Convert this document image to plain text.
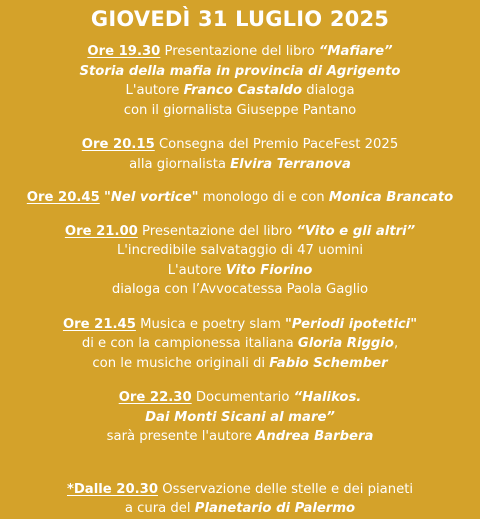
GIOVEDÌ 31 LUGLIO 2025
Ore 19.30 Presentazione del libro “Mafiare”
Storia della mafia in provincia di Agrigento
L'autore Franco Castaldo dialoga
con il giornalista Giuseppe Pantano
Ore 20.15 Consegna del Premio PaceFest 2025
alla giornalista Elvira Terranova
Ore 20.45 "Nel vortice" monologo di e con Monica Brancato
Ore 21.00 Presentazione del libro “Vito e gli altri”
L'incredibile salvataggio di 47 uomini
L'autore Vito Fiorino
dialoga con l’Avvocatessa Paola Gaglio
Ore 21.45 Musica e poetry slam "Periodi ipotetici"
di e con la campionessa italiana Gloria Riggio,
con le musiche originali di Fabio Schember
Ore 22.30 Documentario “Halikos.
Dai Monti Sicani al mare”
sarà presente l'autore Andrea Barbera
*Dalle 20.30 Osservazione delle stelle e dei pianeti
a cura del Planetario di Palermo
